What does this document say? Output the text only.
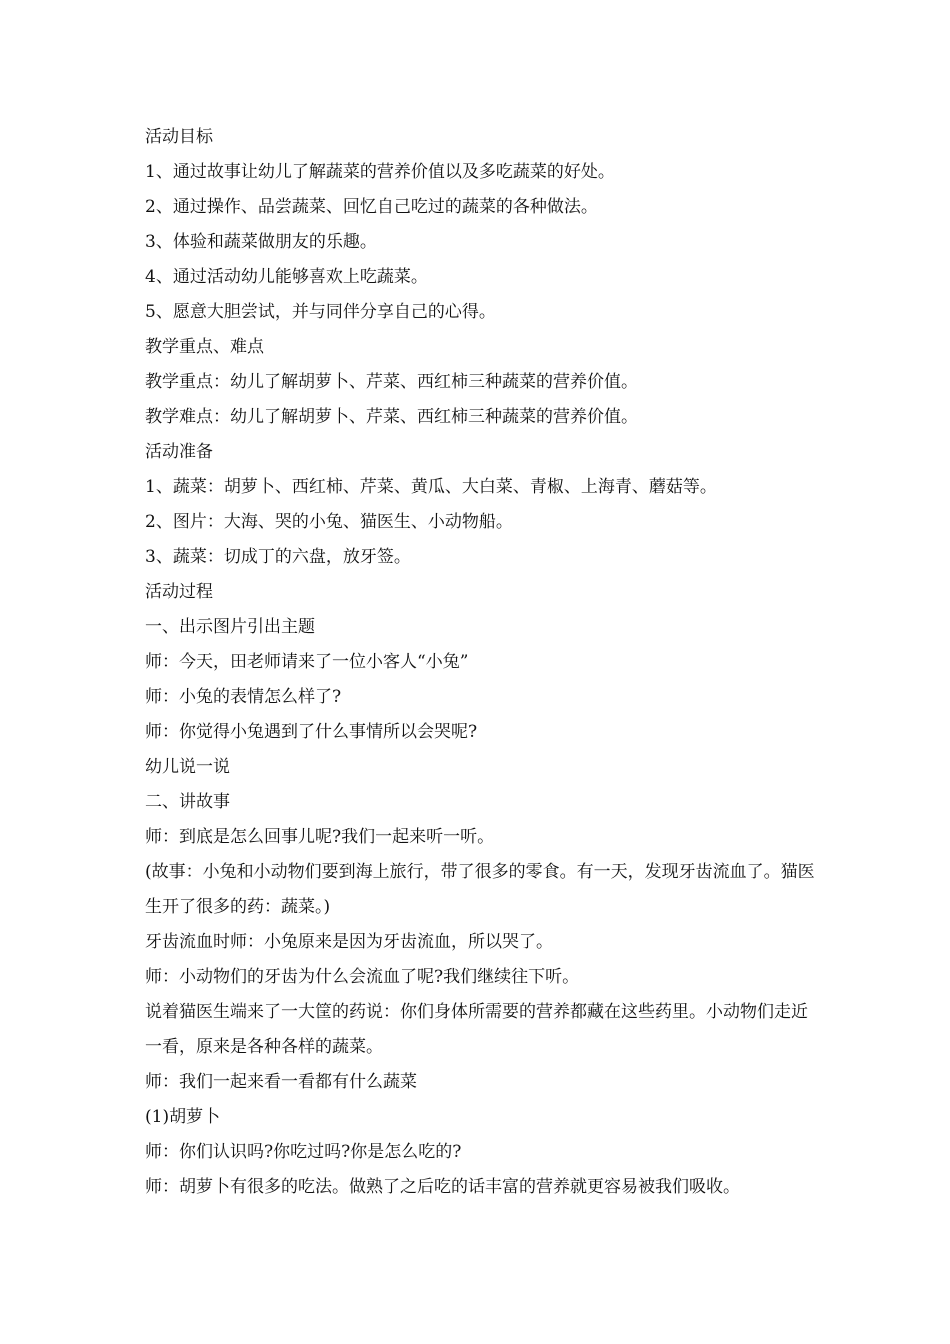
活动目标

1、通过故事让幼儿了解蔬菜的营养价值以及多吃蔬菜的好处。

2、通过操作、品尝蔬菜、回忆自己吃过的蔬菜的各种做法。

3、体验和蔬菜做朋友的乐趣。

4、通过活动幼儿能够喜欢上吃蔬菜。

5、愿意大胆尝试，并与同伴分享自己的心得。

教学重点、难点

教学重点：幼儿了解胡萝卜、芹菜、西红柿三种蔬菜的营养价值。

教学难点：幼儿了解胡萝卜、芹菜、西红柿三种蔬菜的营养价值。

活动准备

1、蔬菜：胡萝卜、西红柿、芹菜、黄瓜、大白菜、青椒、上海青、蘑菇等。

2、图片：大海、哭的小兔、猫医生、小动物船。

3、蔬菜：切成丁的六盘，放牙签。

活动过程

一、出示图片引出主题

师：今天，田老师请来了一位小客人“小兔”

师：小兔的表情怎么样了?

师：你觉得小兔遇到了什么事情所以会哭呢?

幼儿说一说

二、讲故事

师：到底是怎么回事儿呢?我们一起来听一听。

(故事：小兔和小动物们要到海上旅行，带了很多的零食。有一天，发现牙齿流血了。猫医生开了很多的药：蔬菜。)

牙齿流血时师：小兔原来是因为牙齿流血，所以哭了。

师：小动物们的牙齿为什么会流血了呢?我们继续往下听。

说着猫医生端来了一大筐的药说：你们身体所需要的营养都藏在这些药里。小动物们走近一看，原来是各种各样的蔬菜。

师：我们一起来看一看都有什么蔬菜

(1)胡萝卜

师：你们认识吗?你吃过吗?你是怎么吃的?

师：胡萝卜有很多的吃法。做熟了之后吃的话丰富的营养就更容易被我们吸收。
